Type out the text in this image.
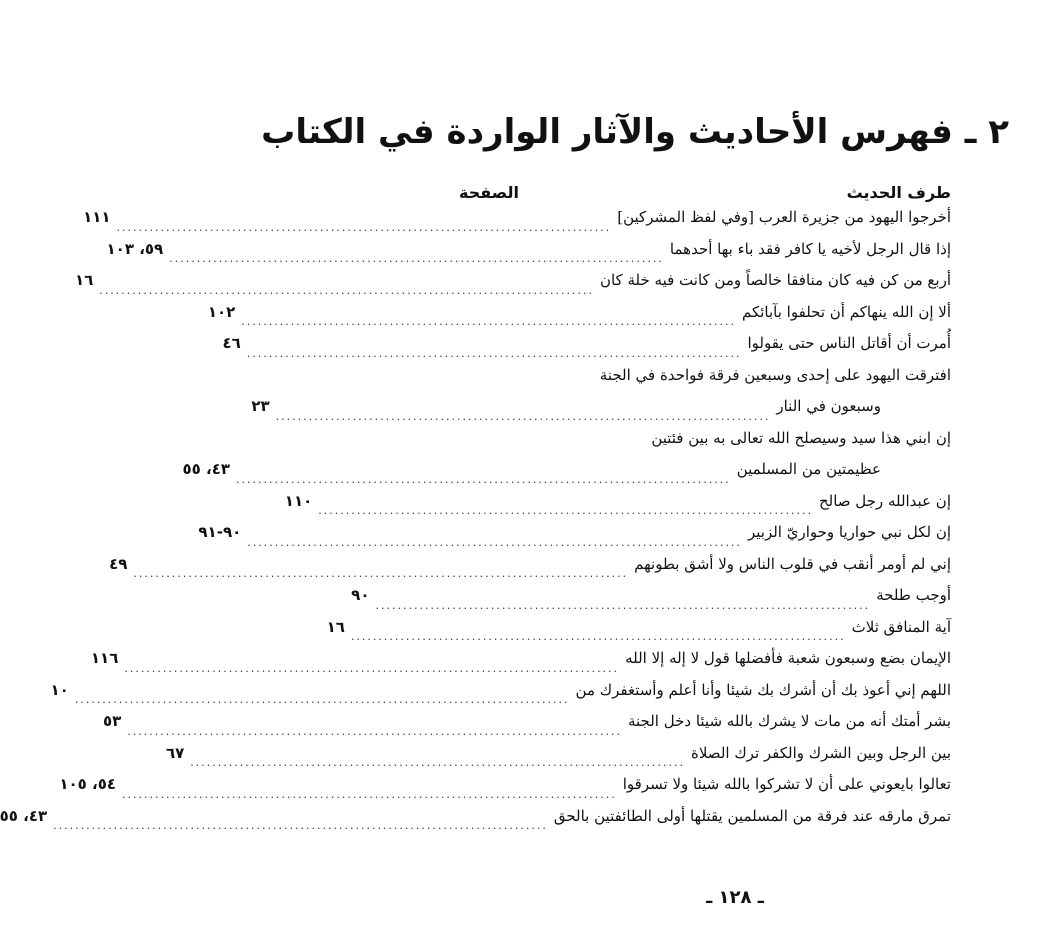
٢ ـ فهرس الأحاديث والآثار الواردة في الكتاب
طرف الحديث
الصفحة
أخرجوا اليهود من جزيرة العرب [وفي لفظ المشركين]
..........................................................................................
١١١
إذا قال الرجل لأخيه يا كافر فقد باء بها أحدهما
..........................................................................................
٥٩، ١٠٣
أربع من كن فيه كان منافقا خالصاً ومن كانت فيه خلة كان
..........................................................................................
١٦
ألا إن الله ينهاكم أن تحلفوا بآبائكم
..........................................................................................
١٠٢
أُمرت أن أقاتل الناس حتى يقولوا
..........................................................................................
٤٦
افترقت اليهود على إحدى وسبعين فرقة فواحدة في الجنة
وسبعون في النار
..........................................................................................
٢٣
إن ابني هذا سيد وسيصلح الله تعالى به بين فئتين
عظيمتين من المسلمين
..........................................................................................
٤٣، ٥٥
إن عبدالله رجل صالح
..........................................................................................
١١٠
إن لكل نبي حواريا وحواريّ الزبير
..........................................................................................
٩٠-٩١
إني لم أومر أنقب في قلوب الناس ولا أشق بطونهم
..........................................................................................
٤٩
أوجب طلحة
..........................................................................................
٩٠
آية المنافق ثلاث
..........................................................................................
١٦
الإيمان بضع وسبعون شعبة فأفضلها قول لا إله إلا الله
..........................................................................................
١١٦
اللهم إني أعوذ بك أن أشرك بك شيئا وأنا أعلم وأستغفرك من
..........................................................................................
١٠
بشر أمتك أنه من مات لا يشرك بالله شيئا دخل الجنة
..........................................................................................
٥٣
بين الرجل وبين الشرك والكفر ترك الصلاة
..........................................................................................
٦٧
تعالوا بايعوني على أن لا تشركوا بالله شيئا ولا تسرقوا
..........................................................................................
٥٤، ١٠٥
تمرق مارقه عند فرقة من المسلمين يقتلها أولى الطائفتين بالحق
..........................................................................................
٤٣، ٥٥
ـ ١٢٨ ـ
